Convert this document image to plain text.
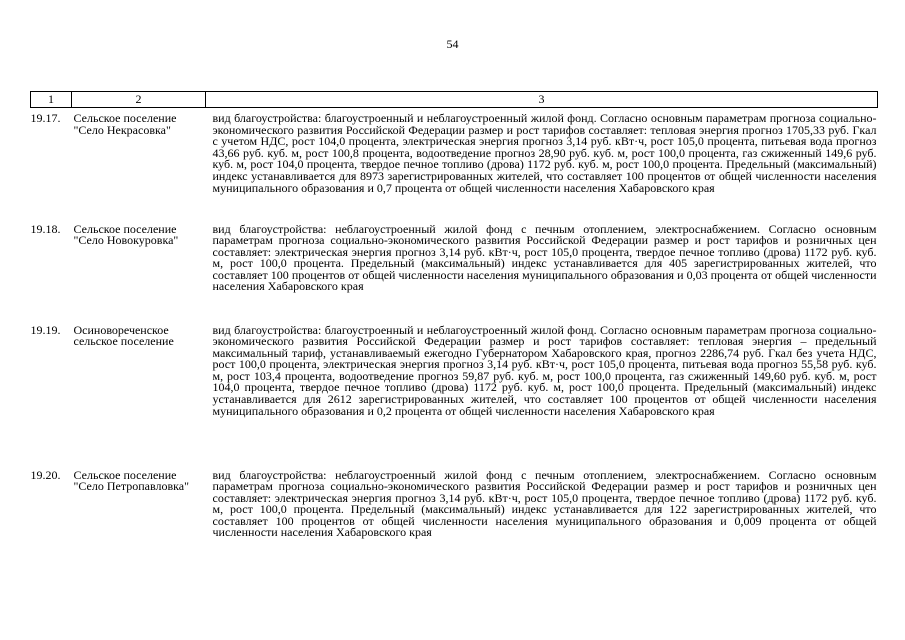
54
1	2	3
19.17.	Сельское поселение "Село Некрасовка"	вид благоустройства: благоустроенный и неблагоустроенный жилой фонд. Согласно основным параметрам прогноза социально-экономического развития Российской Федерации размер и рост тарифов составляет: тепловая энергия прогноз 1705,33 руб. Гкал с учетом НДС, рост 104,0 процента, электрическая энергия прогноз 3,14 руб. кВт·ч, рост 105,0 процента, питьевая вода прогноз 43,66 руб. куб. м, рост 100,8 процента, водоотведение прогноз 28,90 руб. куб. м, рост 100,0 процента, газ сжиженный 149,6 руб. куб. м, рост 104,0 процента, твердое печное топливо (дрова) 1172 руб. куб. м, рост 100,0 процента. Предельный (максимальный) индекс устанавливается для 8973 зарегистрированных жителей, что составляет 100 процентов от общей численности населения муниципального образования и 0,7 процента от общей численности населения Хабаровского края
19.18.	Сельское поселение "Село Новокуровка"	вид благоустройства: неблагоустроенный жилой фонд с печным отоплением, электроснабжением. Согласно основным параметрам прогноза социально-экономического развития Российской Федерации размер и рост тарифов и розничных цен составляет: электрическая энергия прогноз 3,14 руб. кВт·ч, рост 105,0 процента, твердое печное топливо (дрова) 1172 руб. куб. м, рост 100,0 процента. Предельный (максимальный) индекс устанавливается для 405 зарегистрированных жителей, что составляет 100 процентов от общей численности населения муниципального образования и 0,03 процента от общей численности населения Хабаровского края
19.19.	Осиновореченское сельское поселение	вид благоустройства: благоустроенный и неблагоустроенный жилой фонд. Согласно основным параметрам прогноза социально-экономического развития Российской Федерации размер и рост тарифов составляет: тепловая энергия – предельный максимальный тариф, устанавливаемый ежегодно Губернатором Хабаровского края, прогноз 2286,74 руб. Гкал без учета НДС, рост 100,0 процента, электрическая энергия прогноз 3,14 руб. кВт·ч, рост 105,0 процента, питьевая вода прогноз 55,58 руб. куб. м, рост 103,4 процента, водоотведение прогноз 59,87 руб. куб. м, рост 100,0 процента, газ сжиженный 149,60 руб. куб. м, рост 104,0 процента, твердое печное топливо (дрова) 1172 руб. куб. м, рост 100,0 процента. Предельный (максимальный) индекс устанавливается для 2612 зарегистрированных жителей, что составляет 100 процентов от общей численности населения муниципального образования и 0,2 процента от общей численности населения Хабаровского края
19.20.	Сельское поселение "Село Петропавловка"	вид благоустройства: неблагоустроенный жилой фонд с печным отоплением, электроснабжением. Согласно основным параметрам прогноза социально-экономического развития Российской Федерации размер и рост тарифов и розничных цен составляет: электрическая энергия прогноз 3,14 руб. кВт·ч, рост 105,0 процента, твердое печное топливо (дрова) 1172 руб. куб. м, рост 100,0 процента. Предельный (максимальный) индекс устанавливается для 122 зарегистрированных жителей, что составляет 100 процентов от общей численности населения муниципального образования и 0,009 процента от общей численности населения Хабаровского края
